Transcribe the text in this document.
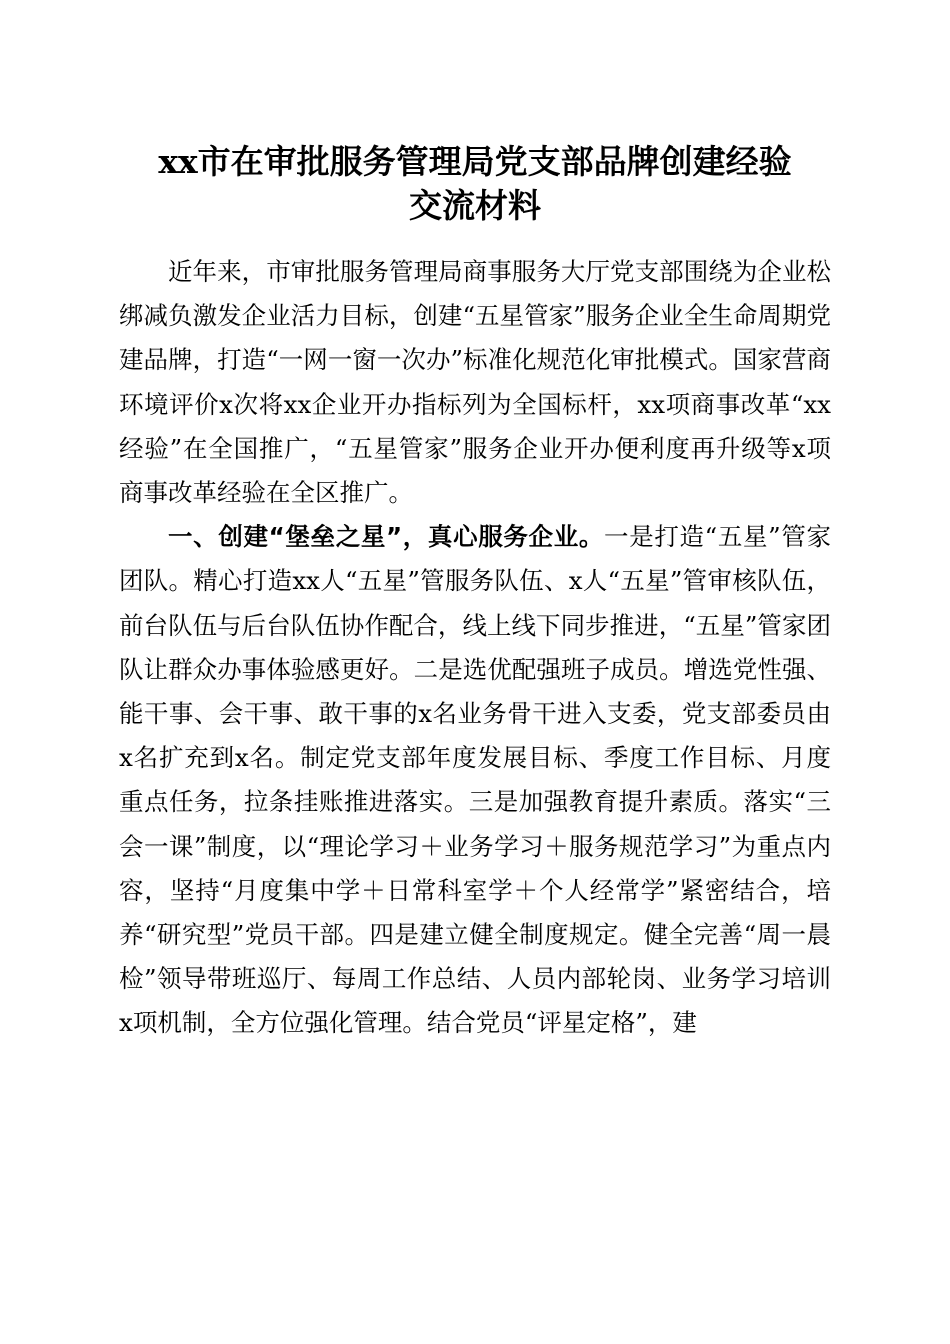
xx市在审批服务管理局党支部品牌创建经验
交流材料

近年来，市审批服务管理局商事服务大厅党支部围绕为企业松绑减负激发企业活力目标，创建“五星管家”服务企业全生命周期党建品牌，打造“一网一窗一次办”标准化规范化审批模式。国家营商环境评价x次将xx企业开办指标列为全国标杆，xx项商事改革“xx经验”在全国推广，“五星管家”服务企业开办便利度再升级等x项商事改革经验在全区推广。

一、创建“堡垒之星”，真心服务企业。一是打造“五星”管家团队。精心打造xx人“五星”管服务队伍、x人“五星”管审核队伍，前台队伍与后台队伍协作配合，线上线下同步推进，“五星”管家团队让群众办事体验感更好。二是选优配强班子成员。增选党性强、能干事、会干事、敢干事的x名业务骨干进入支委，党支部委员由x名扩充到x名。制定党支部年度发展目标、季度工作目标、月度重点任务，拉条挂账推进落实。三是加强教育提升素质。落实“三会一课”制度，以“理论学习＋业务学习＋服务规范学习”为重点内容，坚持“月度集中学＋日常科室学＋个人经常学”紧密结合，培养“研究型”党员干部。四是建立健全制度规定。健全完善“周一晨检”领导带班巡厅、每周工作总结、人员内部轮岗、业务学习培训x项机制，全方位强化管理。结合党员“评星定格”，建
